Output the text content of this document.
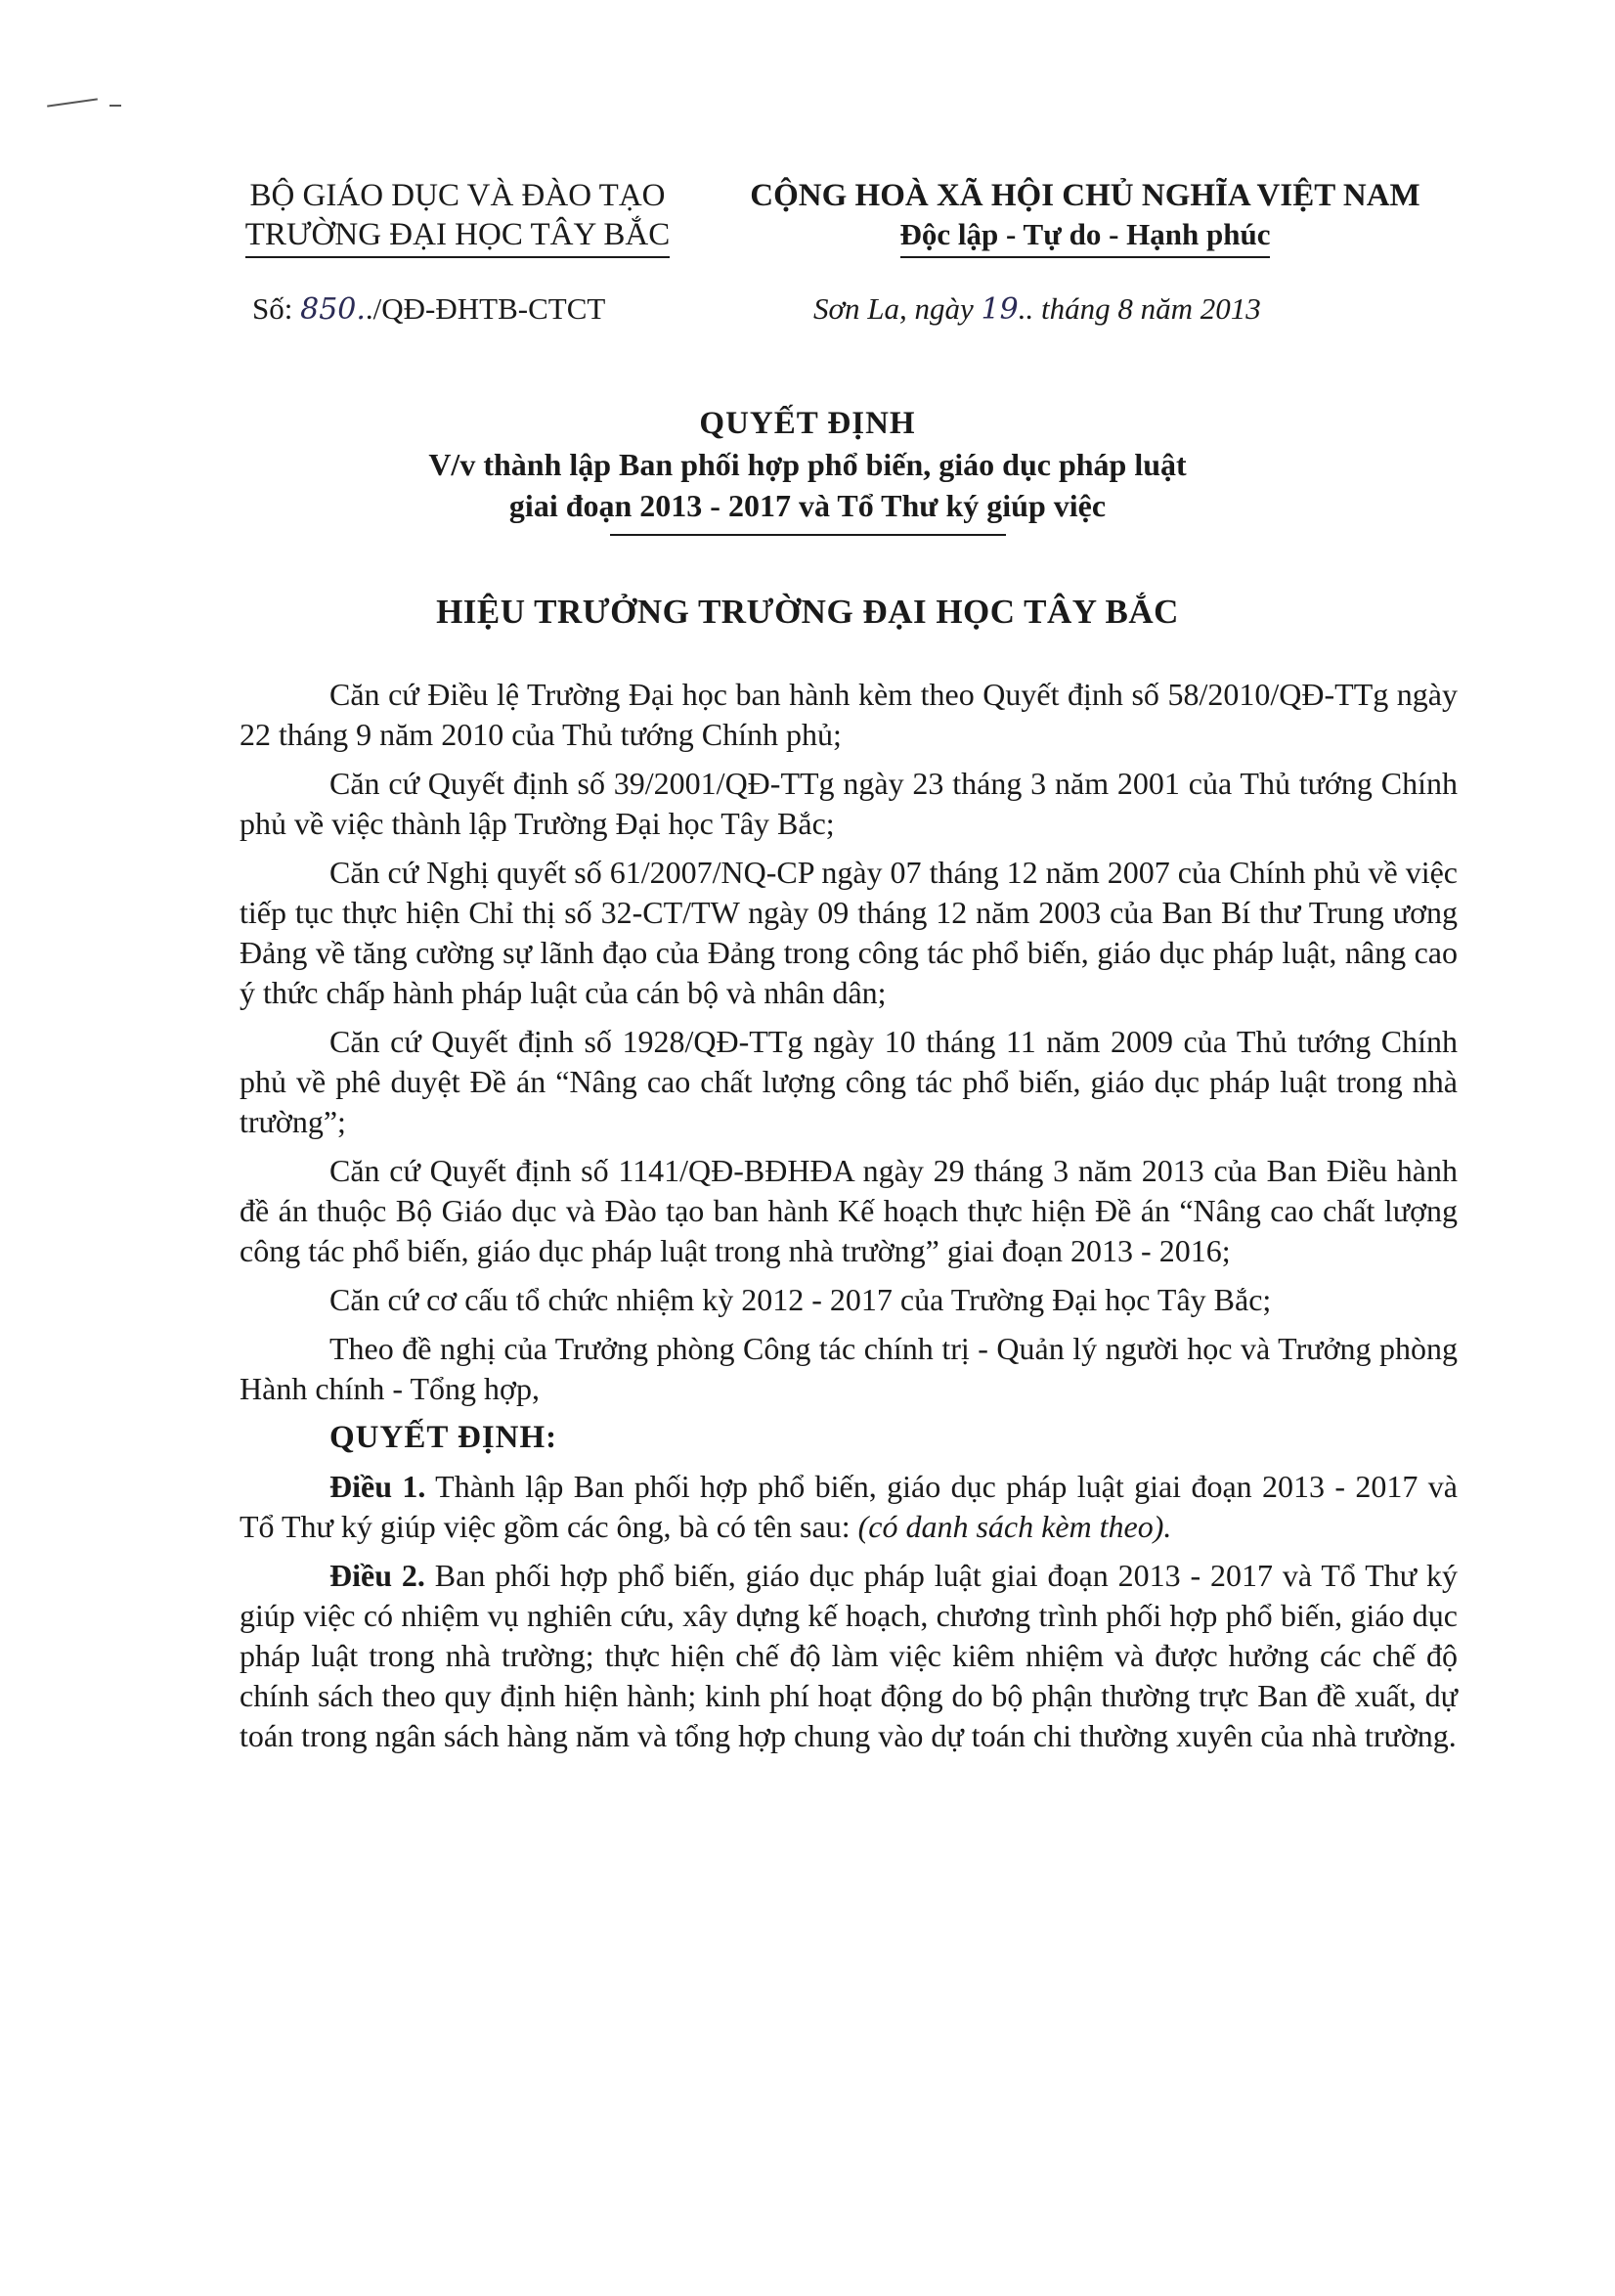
BỘ GIÁO DỤC VÀ ĐÀO TẠO
TRƯỜNG ĐẠI HỌC TÂY BẮC
CỘNG HOÀ XÃ HỘI CHỦ NGHĨA VIỆT NAM
Độc lập - Tự do - Hạnh phúc
Số: 850../QĐ-ĐHTB-CTCT	Sơn La, ngày 19.. tháng 8 năm 2013
QUYẾT ĐỊNH
V/v thành lập Ban phối hợp phổ biến, giáo dục pháp luật
giai đoạn 2013 - 2017 và Tổ Thư ký giúp việc
HIỆU TRƯỞNG TRƯỜNG ĐẠI HỌC TÂY BẮC

Căn cứ Điều lệ Trường Đại học ban hành kèm theo Quyết định số 58/2010/QĐ-TTg ngày 22 tháng 9 năm 2010 của Thủ tướng Chính phủ;

Căn cứ Quyết định số 39/2001/QĐ-TTg ngày 23 tháng 3 năm 2001 của Thủ tướng Chính phủ về việc thành lập Trường Đại học Tây Bắc;

Căn cứ Nghị quyết số 61/2007/NQ-CP ngày 07 tháng 12 năm 2007 của Chính phủ về việc tiếp tục thực hiện Chỉ thị số 32-CT/TW ngày 09 tháng 12 năm 2003 của Ban Bí thư Trung ương Đảng về tăng cường sự lãnh đạo của Đảng trong công tác phổ biến, giáo dục pháp luật, nâng cao ý thức chấp hành pháp luật của cán bộ và nhân dân;

Căn cứ Quyết định số 1928/QĐ-TTg ngày 10 tháng 11 năm 2009 của Thủ tướng Chính phủ về phê duyệt Đề án “Nâng cao chất lượng công tác phổ biến, giáo dục pháp luật trong nhà trường”;

Căn cứ Quyết định số 1141/QĐ-BĐHĐA ngày 29 tháng 3 năm 2013 của Ban Điều hành đề án thuộc Bộ Giáo dục và Đào tạo ban hành Kế hoạch thực hiện Đề án “Nâng cao chất lượng công tác phổ biến, giáo dục pháp luật trong nhà trường” giai đoạn 2013 - 2016;

Căn cứ cơ cấu tổ chức nhiệm kỳ 2012 - 2017 của Trường Đại học Tây Bắc;

Theo đề nghị của Trưởng phòng Công tác chính trị - Quản lý người học và Trưởng phòng Hành chính - Tổng hợp,

QUYẾT ĐỊNH:

Điều 1. Thành lập Ban phối hợp phổ biến, giáo dục pháp luật giai đoạn 2013 - 2017 và Tổ Thư ký giúp việc gồm các ông, bà có tên sau: (có danh sách kèm theo).

Điều 2. Ban phối hợp phổ biến, giáo dục pháp luật giai đoạn 2013 - 2017 và Tổ Thư ký giúp việc có nhiệm vụ nghiên cứu, xây dựng kế hoạch, chương trình phối hợp phổ biến, giáo dục pháp luật trong nhà trường; thực hiện chế độ làm việc kiêm nhiệm và được hưởng các chế độ chính sách theo quy định hiện hành; kinh phí hoạt động do bộ phận thường trực Ban đề xuất, dự toán trong ngân sách hàng năm và tổng hợp chung vào dự toán chi thường xuyên của nhà trường.
